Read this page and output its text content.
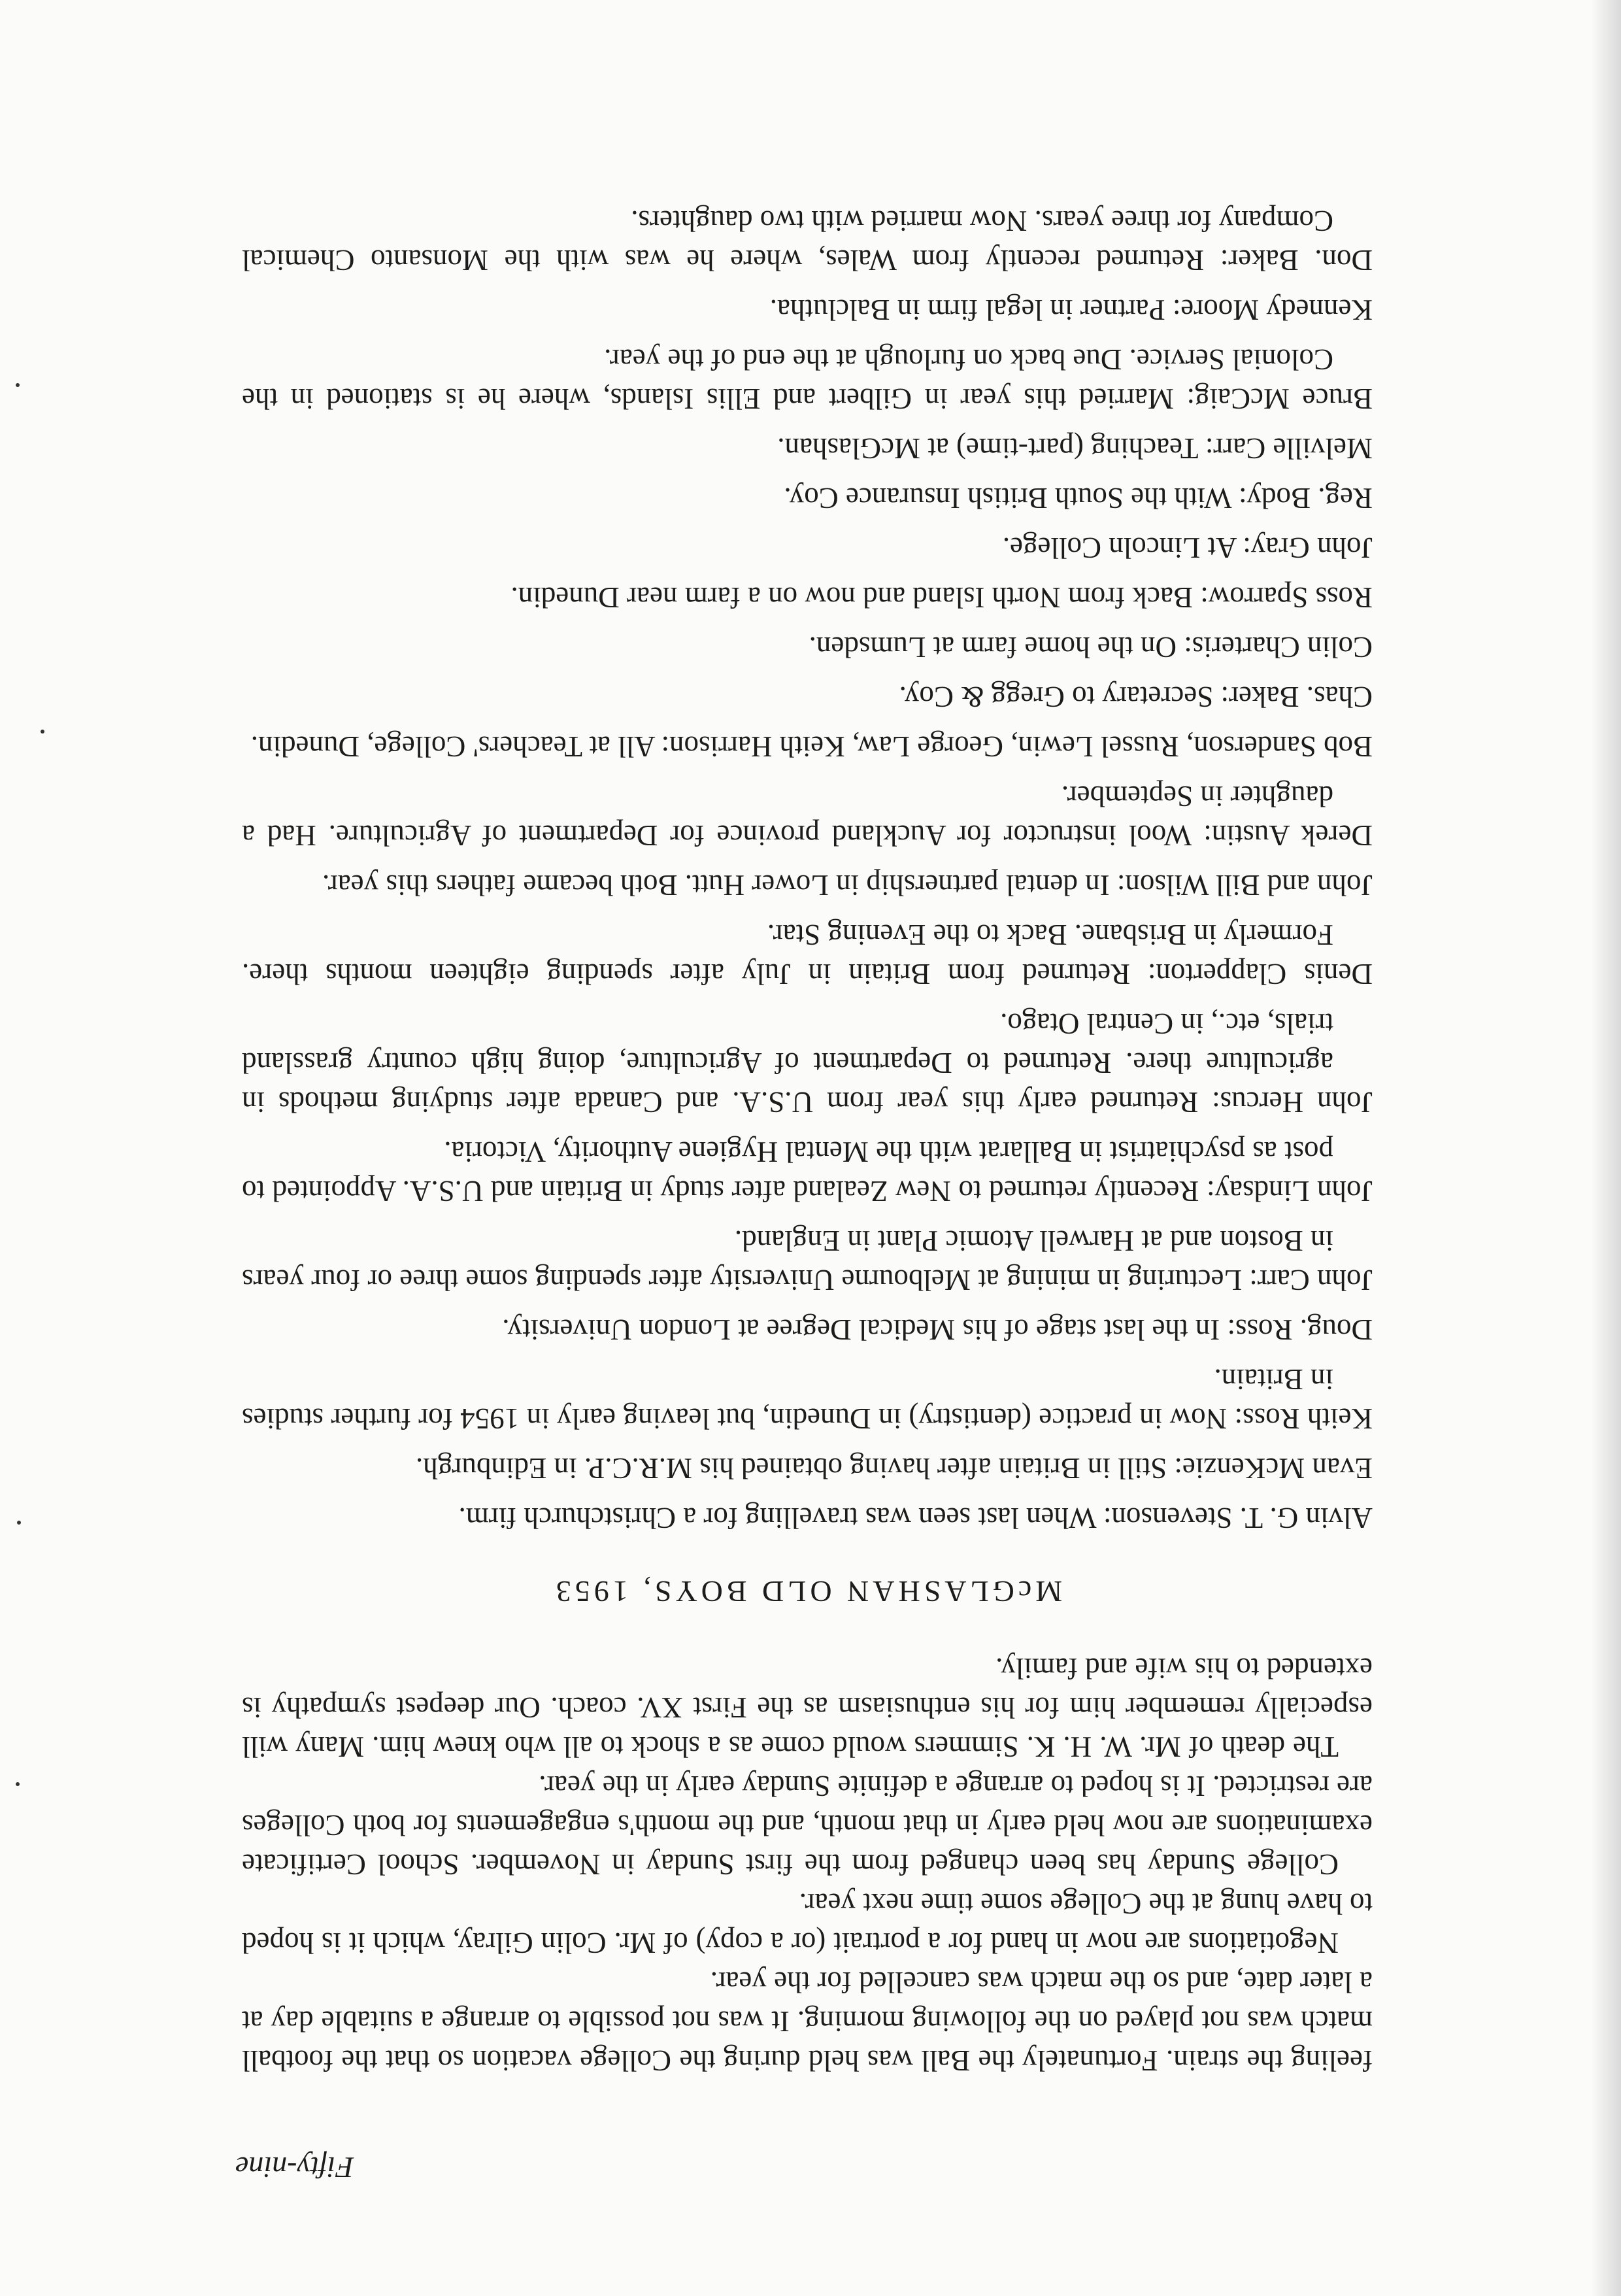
feeling the strain. Fortunately the Ball was held during the College vacation so that the football match was not played on the following morning. It was not possible to arrange a suitable day at a later date, and so the match was cancelled for the year.

Negotiations are now in hand for a portrait (or a copy) of Mr. Colin Gilray, which it is hoped to have hung at the College some time next year.

College Sunday has been changed from the first Sunday in November. School Certificate examinations are now held early in that month, and the month's engagements for both Colleges are restricted. It is hoped to arrange a definite Sunday early in the year.

The death of Mr. W. H. K. Simmers would come as a shock to all who knew him. Many will especially remember him for his enthusiasm as the First XV. coach. Our deepest sympathy is extended to his wife and family.

McGLASHAN OLD BOYS, 1953

Alvin G. T. Stevenson: When last seen was travelling for a Christchurch firm.

Evan McKenzie: Still in Britain after having obtained his M.R.C.P. in Edinburgh.

Keith Ross: Now in practice (dentistry) in Dunedin, but leaving early in 1954 for further studies in Britain.

Doug. Ross: In the last stage of his Medical Degree at London University.

John Carr: Lecturing in mining at Melbourne University after spending some three or four years in Boston and at Harwell Atomic Plant in England.

John Lindsay: Recently returned to New Zealand after study in Britain and U.S.A. Appointed to post as psychiatrist in Ballarat with the Mental Hygiene Authority, Victoria.

John Hercus: Returned early this year from U.S.A. and Canada after studying methods in agriculture there. Returned to Department of Agriculture, doing high country grassland trials, etc., in Central Otago.

Denis Clapperton: Returned from Britain in July after spending eighteen months there. Formerly in Brisbane. Back to the Evening Star.

John and Bill Wilson: In dental partnership in Lower Hutt. Both became fathers this year.

Derek Austin: Wool instructor for Auckland province for Department of Agriculture. Had a daughter in September.

Bob Sanderson, Russel Lewin, George Law, Keith Harrison: All at Teachers' College, Dunedin.

Chas. Baker: Secretary to Gregg & Coy.

Colin Charteris: On the home farm at Lumsden.

Ross Sparrow: Back from North Island and now on a farm near Dunedin.

John Gray: At Lincoln College.

Reg. Body: With the South British Insurance Coy.

Melville Carr: Teaching (part-time) at McGlashan.

Bruce McCaig: Married this year in Gilbert and Ellis Islands, where he is stationed in the Colonial Service. Due back on furlough at the end of the year.

Kennedy Moore: Partner in legal firm in Balclutha.

Don. Baker: Returned recently from Wales, where he was with the Monsanto Chemical Company for three years. Now married with two daughters.

Fifty-nine
